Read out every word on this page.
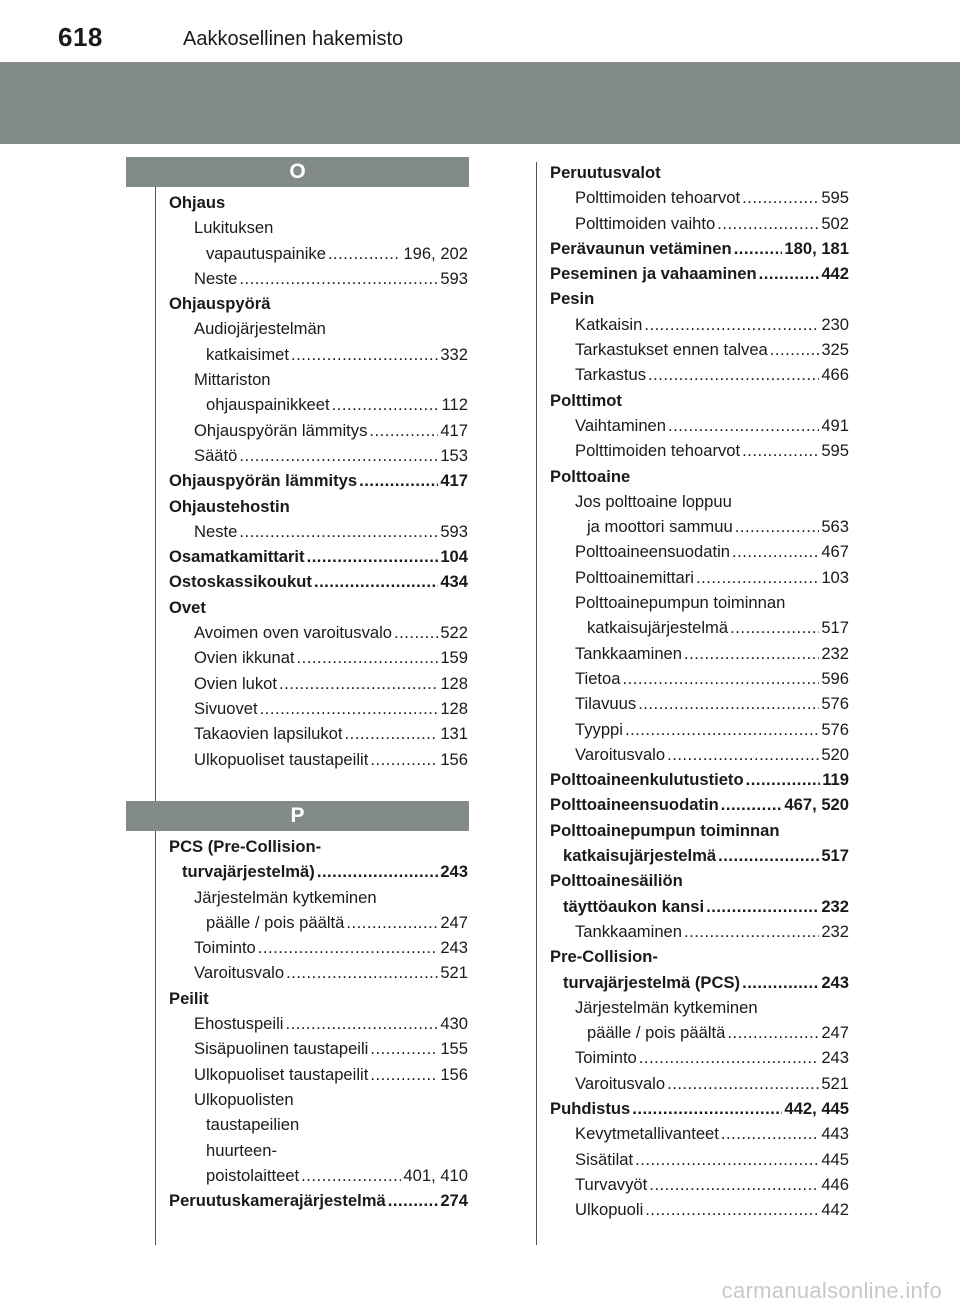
618	Aakkosellinen hakemisto
O
P
Ohjaus
Lukituksen
vapautuspainike .....	196, 202
Neste .....	593
Ohjauspyörä
Audiojärjestelmän
katkaisimet .....	332
Mittariston
ohjauspainikkeet .....	112
Ohjauspyörän lämmitys .....	417
Säätö .....	153
Ohjauspyörän lämmitys .....	417
Ohjaustehostin
Neste .....	593
Osamatkamittarit .....	104
Ostoskassikoukut .....	434
Ovet
Avoimen oven varoitusvalo .....	522
Ovien ikkunat .....	159
Ovien lukot .....	128
Sivuovet .....	128
Takaovien lapsilukot .....	131
Ulkopuoliset taustapeilit .....	156
PCS (Pre-Collision-
turvajärjestelmä) .....	243
Järjestelmän kytkeminen
päälle / pois päältä .....	247
Toiminto .....	243
Varoitusvalo .....	521
Peilit
Ehostuspeili .....	430
Sisäpuolinen taustapeili .....	155
Ulkopuoliset taustapeilit .....	156
Ulkopuolisten
taustapeilien
huurteen-
poistolaitteet .....	401, 410
Peruutuskamerajärjestelmä .....	274
Peruutusvalot
Polttimoiden tehoarvot .....	595
Polttimoiden vaihto .....	502
Perävaunun vetäminen .....	180, 181
Peseminen ja vahaaminen .....	442
Pesin
Katkaisin .....	230
Tarkastukset ennen talvea .....	325
Tarkastus .....	466
Polttimot
Vaihtaminen .....	491
Polttimoiden tehoarvot .....	595
Polttoaine
Jos polttoaine loppuu
ja moottori sammuu .....	563
Polttoaineensuodatin .....	467
Polttoainemittari .....	103
Polttoainepumpun toiminnan
katkaisujärjestelmä .....	517
Tankkaaminen .....	232
Tietoa .....	596
Tilavuus .....	576
Tyyppi .....	576
Varoitusvalo .....	520
Polttoaineenkulutustieto .....	119
Polttoaineensuodatin .....	467, 520
Polttoainepumpun toiminnan
katkaisujärjestelmä .....	517
Polttoainesäiliön
täyttöaukon kansi .....	232
Tankkaaminen .....	232
Pre-Collision-
turvajärjestelmä (PCS) .....	243
Järjestelmän kytkeminen
päälle / pois päältä .....	247
Toiminto .....	243
Varoitusvalo .....	521
Puhdistus .....	442, 445
Kevytmetallivanteet .....	443
Sisätilat .....	445
Turvavyöt .....	446
Ulkopuoli .....	442
carmanualsonline.info
